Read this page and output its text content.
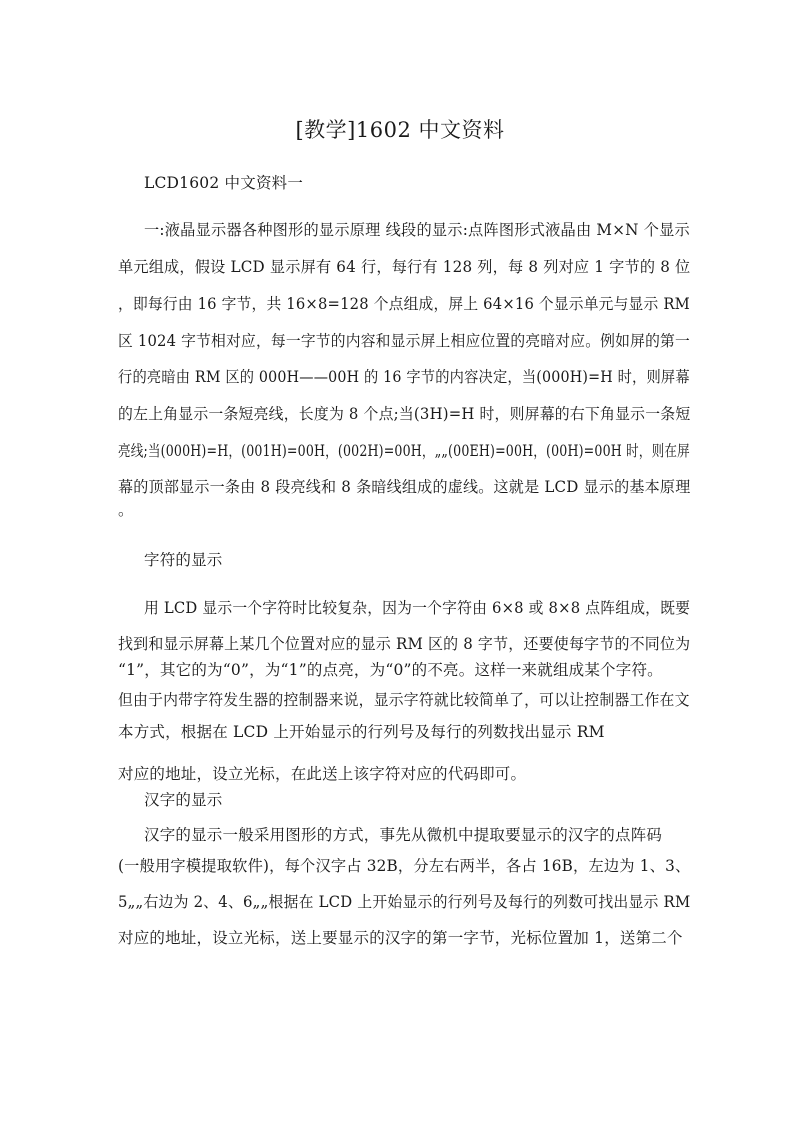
[教学]1602 中文资料
LCD1602 中文资料一
一:液晶显示器各种图形的显示原理 线段的显示:点阵图形式液晶由 M×N 个显示
单元组成，假设 LCD 显示屏有 64 行，每行有 128 列，每 8 列对应 1 字节的 8 位
，即每行由 16 字节，共 16×8=128 个点组成，屏上 64×16 个显示单元与显示 RM
区 1024 字节相对应，每一字节的内容和显示屏上相应位置的亮暗对应。例如屏的第一
行的亮暗由 RM 区的 000H——00H 的 16 字节的内容决定，当(000H)=H 时，则屏幕
的左上角显示一条短亮线，长度为 8 个点;当(3H)=H 时，则屏幕的右下角显示一条短
亮线;当(000H)=H，(001H)=00H，(002H)=00H，„„(00EH)=00H，(00H)=00H 时，则在屏
幕的顶部显示一条由 8 段亮线和 8 条暗线组成的虚线。这就是 LCD 显示的基本原理
。
字符的显示
用 LCD 显示一个字符时比较复杂，因为一个字符由 6×8 或 8×8 点阵组成，既要
找到和显示屏幕上某几个位置对应的显示 RM 区的 8 字节，还要使每字节的不同位为
“1”，其它的为“0”，为“1”的点亮，为“0”的不亮。这样一来就组成某个字符。
但由于内带字符发生器的控制器来说，显示字符就比较简单了，可以让控制器工作在文
本方式，根据在 LCD 上开始显示的行列号及每行的列数找出显示 RM
对应的地址，设立光标，在此送上该字符对应的代码即可。
汉字的显示
汉字的显示一般采用图形的方式，事先从微机中提取要显示的汉字的点阵码
(一般用字模提取软件)，每个汉字占 32B，分左右两半，各占 16B，左边为 1、3、
5„„右边为 2、4、6„„根据在 LCD 上开始显示的行列号及每行的列数可找出显示 RM
对应的地址，设立光标，送上要显示的汉字的第一字节，光标位置加 1，送第二个
